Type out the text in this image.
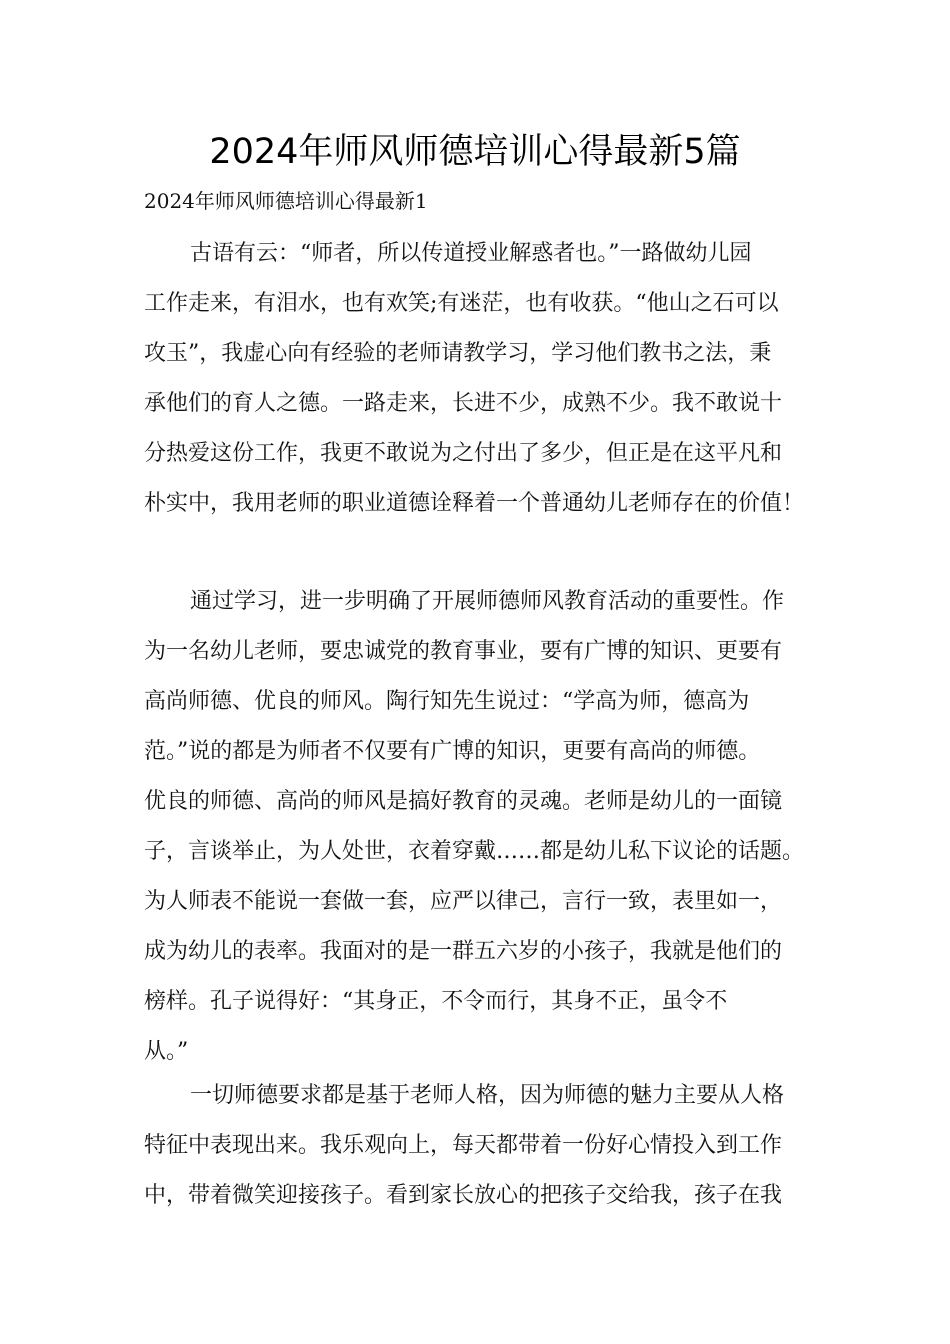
2024年师风师德培训心得最新5篇
2024年师风师德培训心得最新1
古语有云：“师者，所以传道授业解惑者也。”一路做幼儿园
工作走来，有泪水，也有欢笑;有迷茫，也有收获。“他山之石可以
攻玉”，我虚心向有经验的老师请教学习，学习他们教书之法，秉
承他们的育人之德。一路走来，长进不少，成熟不少。我不敢说十
分热爱这份工作，我更不敢说为之付出了多少，但正是在这平凡和
朴实中，我用老师的职业道德诠释着一个普通幼儿老师存在的价值！
通过学习，进一步明确了开展师德师风教育活动的重要性。作
为一名幼儿老师，要忠诚党的教育事业，要有广博的知识、更要有
高尚师德、优良的师风。陶行知先生说过：“学高为师，德高为
范。”说的都是为师者不仅要有广博的知识，更要有高尚的师德。
优良的师德、高尚的师风是搞好教育的灵魂。老师是幼儿的一面镜
子，言谈举止，为人处世，衣着穿戴……都是幼儿私下议论的话题。
为人师表不能说一套做一套，应严以律己，言行一致，表里如一，
成为幼儿的表率。我面对的是一群五六岁的小孩子，我就是他们的
榜样。孔子说得好：“其身正，不令而行，其身不正，虽令不
从。”
一切师德要求都是基于老师人格，因为师德的魅力主要从人格
特征中表现出来。我乐观向上，每天都带着一份好心情投入到工作
中，带着微笑迎接孩子。看到家长放心的把孩子交给我，孩子在我
